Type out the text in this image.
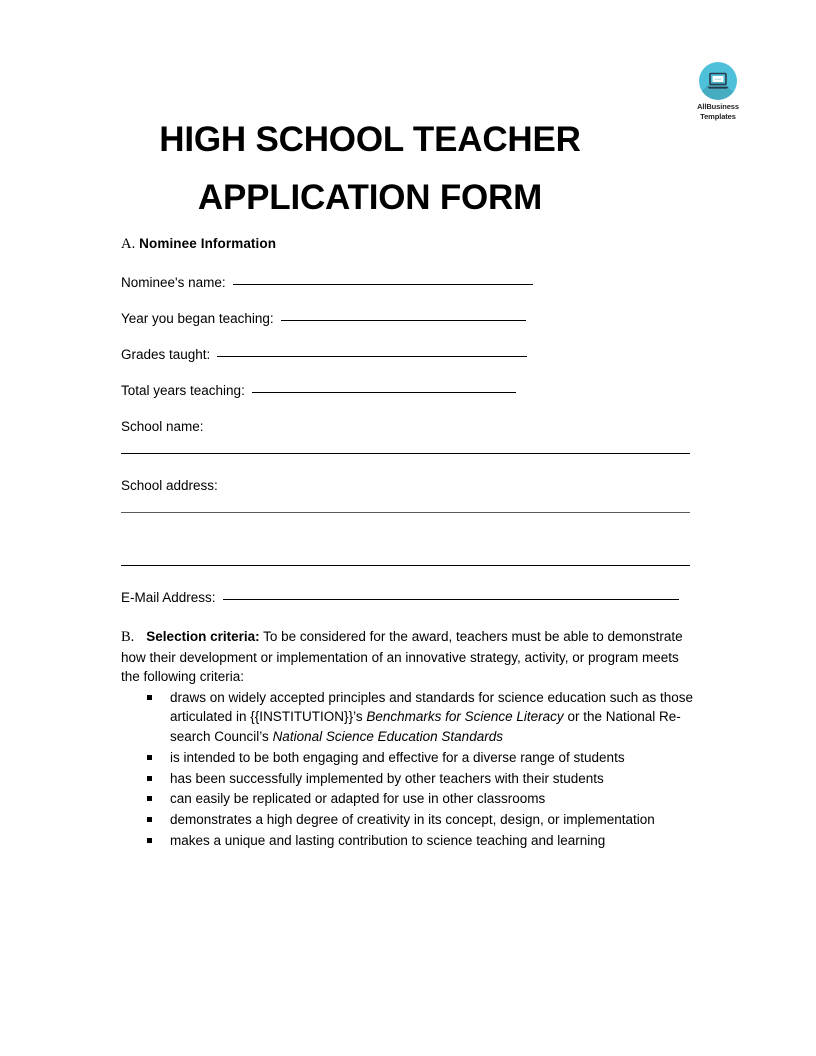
AllBusiness
Templates
HIGH SCHOOL TEACHER
APPLICATION FORM
A. Nominee Information
Nominee's name:
Year you began teaching:
Grades taught:
Total years teaching:
School name:
School address:
E-Mail Address:

B. Selection criteria: To be considered for the award, teachers must be able to demonstrate how their development or implementation of an innovative strategy, activity, or program meets the following criteria:

draws on widely accepted principles and standards for science education such as those articulated in {{INSTITUTION}}’s Benchmarks for Science Literacy or the National Re- search Council’s National Science Education Standards
is intended to be both engaging and effective for a diverse range of students
has been successfully implemented by other teachers with their students
can easily be replicated or adapted for use in other classrooms
demonstrates a high degree of creativity in its concept, design, or implementation
makes a unique and lasting contribution to science teaching and learning
